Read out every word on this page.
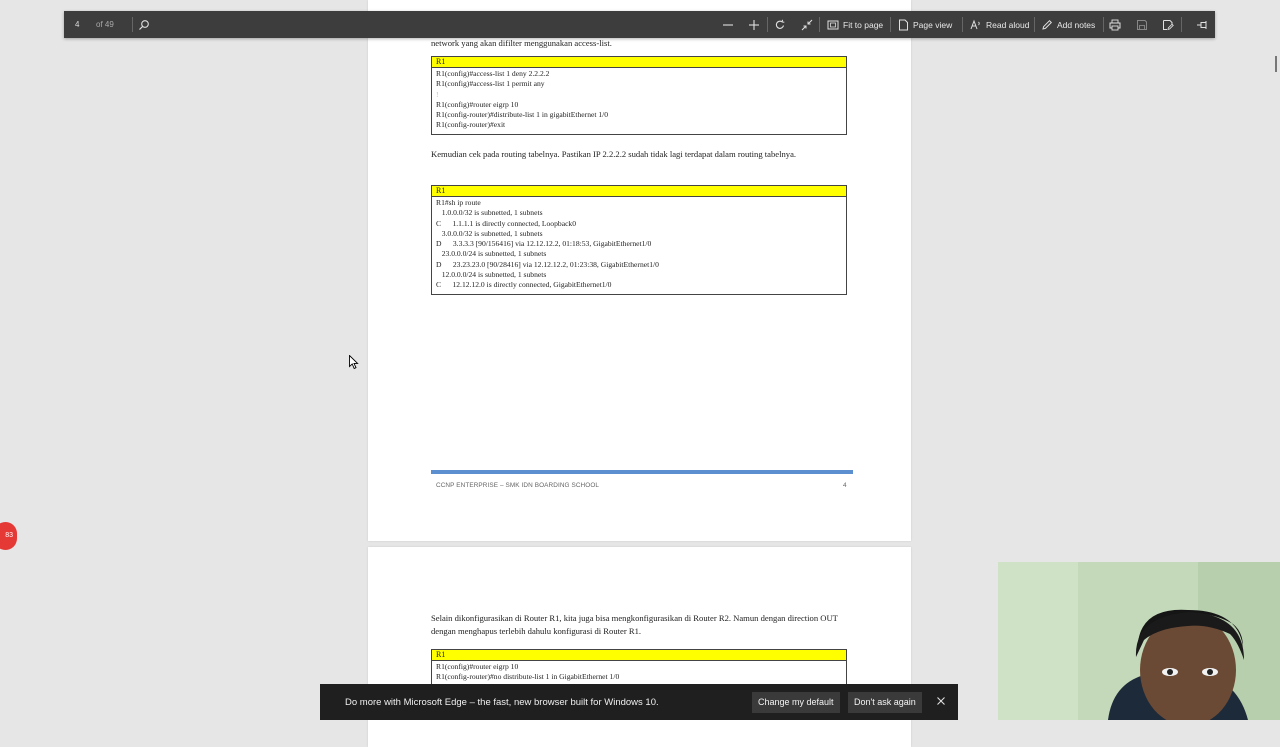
network yang akan difilter menggunakan access-list.

R1
R1(config)#access-list 1 deny 2.2.2.2
R1(config)#access-list 1 permit any
!
R1(config)#router eigrp 10
R1(config-router)#distribute-list 1 in gigabitEthernet 1/0
R1(config-router)#exit

Kemudian cek pada routing tabelnya. Pastikan IP 2.2.2.2 sudah tidak lagi terdapat dalam routing tabelnya.

R1
R1#sh ip route
1.0.0.0/32 is subnetted, 1 subnets
C      1.1.1.1 is directly connected, Loopback0
3.0.0.0/32 is subnetted, 1 subnets
D      3.3.3.3 [90/156416] via 12.12.12.2, 01:18:53, GigabitEthernet1/0
23.0.0.0/24 is subnetted, 1 subnets
D      23.23.23.0 [90/28416] via 12.12.12.2, 01:23:38, GigabitEthernet1/0
12.0.0.0/24 is subnetted, 1 subnets
C      12.12.12.0 is directly connected, GigabitEthernet1/0
CCNP ENTERPRISE – SMK IDN BOARDING SCHOOL	4

Selain dikonfigurasikan di Router R1, kita juga bisa mengkonfigurasikan di Router R2. Namun dengan direction OUT dengan menghapus terlebih dahulu konfigurasi di Router R1.

R1
R1(config)#router eigrp 10
R1(config-router)#no distribute-list 1 in GigabitEthernet 1/0
4 of 49	Fit to page	Page view	Read aloud	Add notes
83
Do more with Microsoft Edge – the fast, new browser built for Windows 10.	Change my default	Don't ask again
